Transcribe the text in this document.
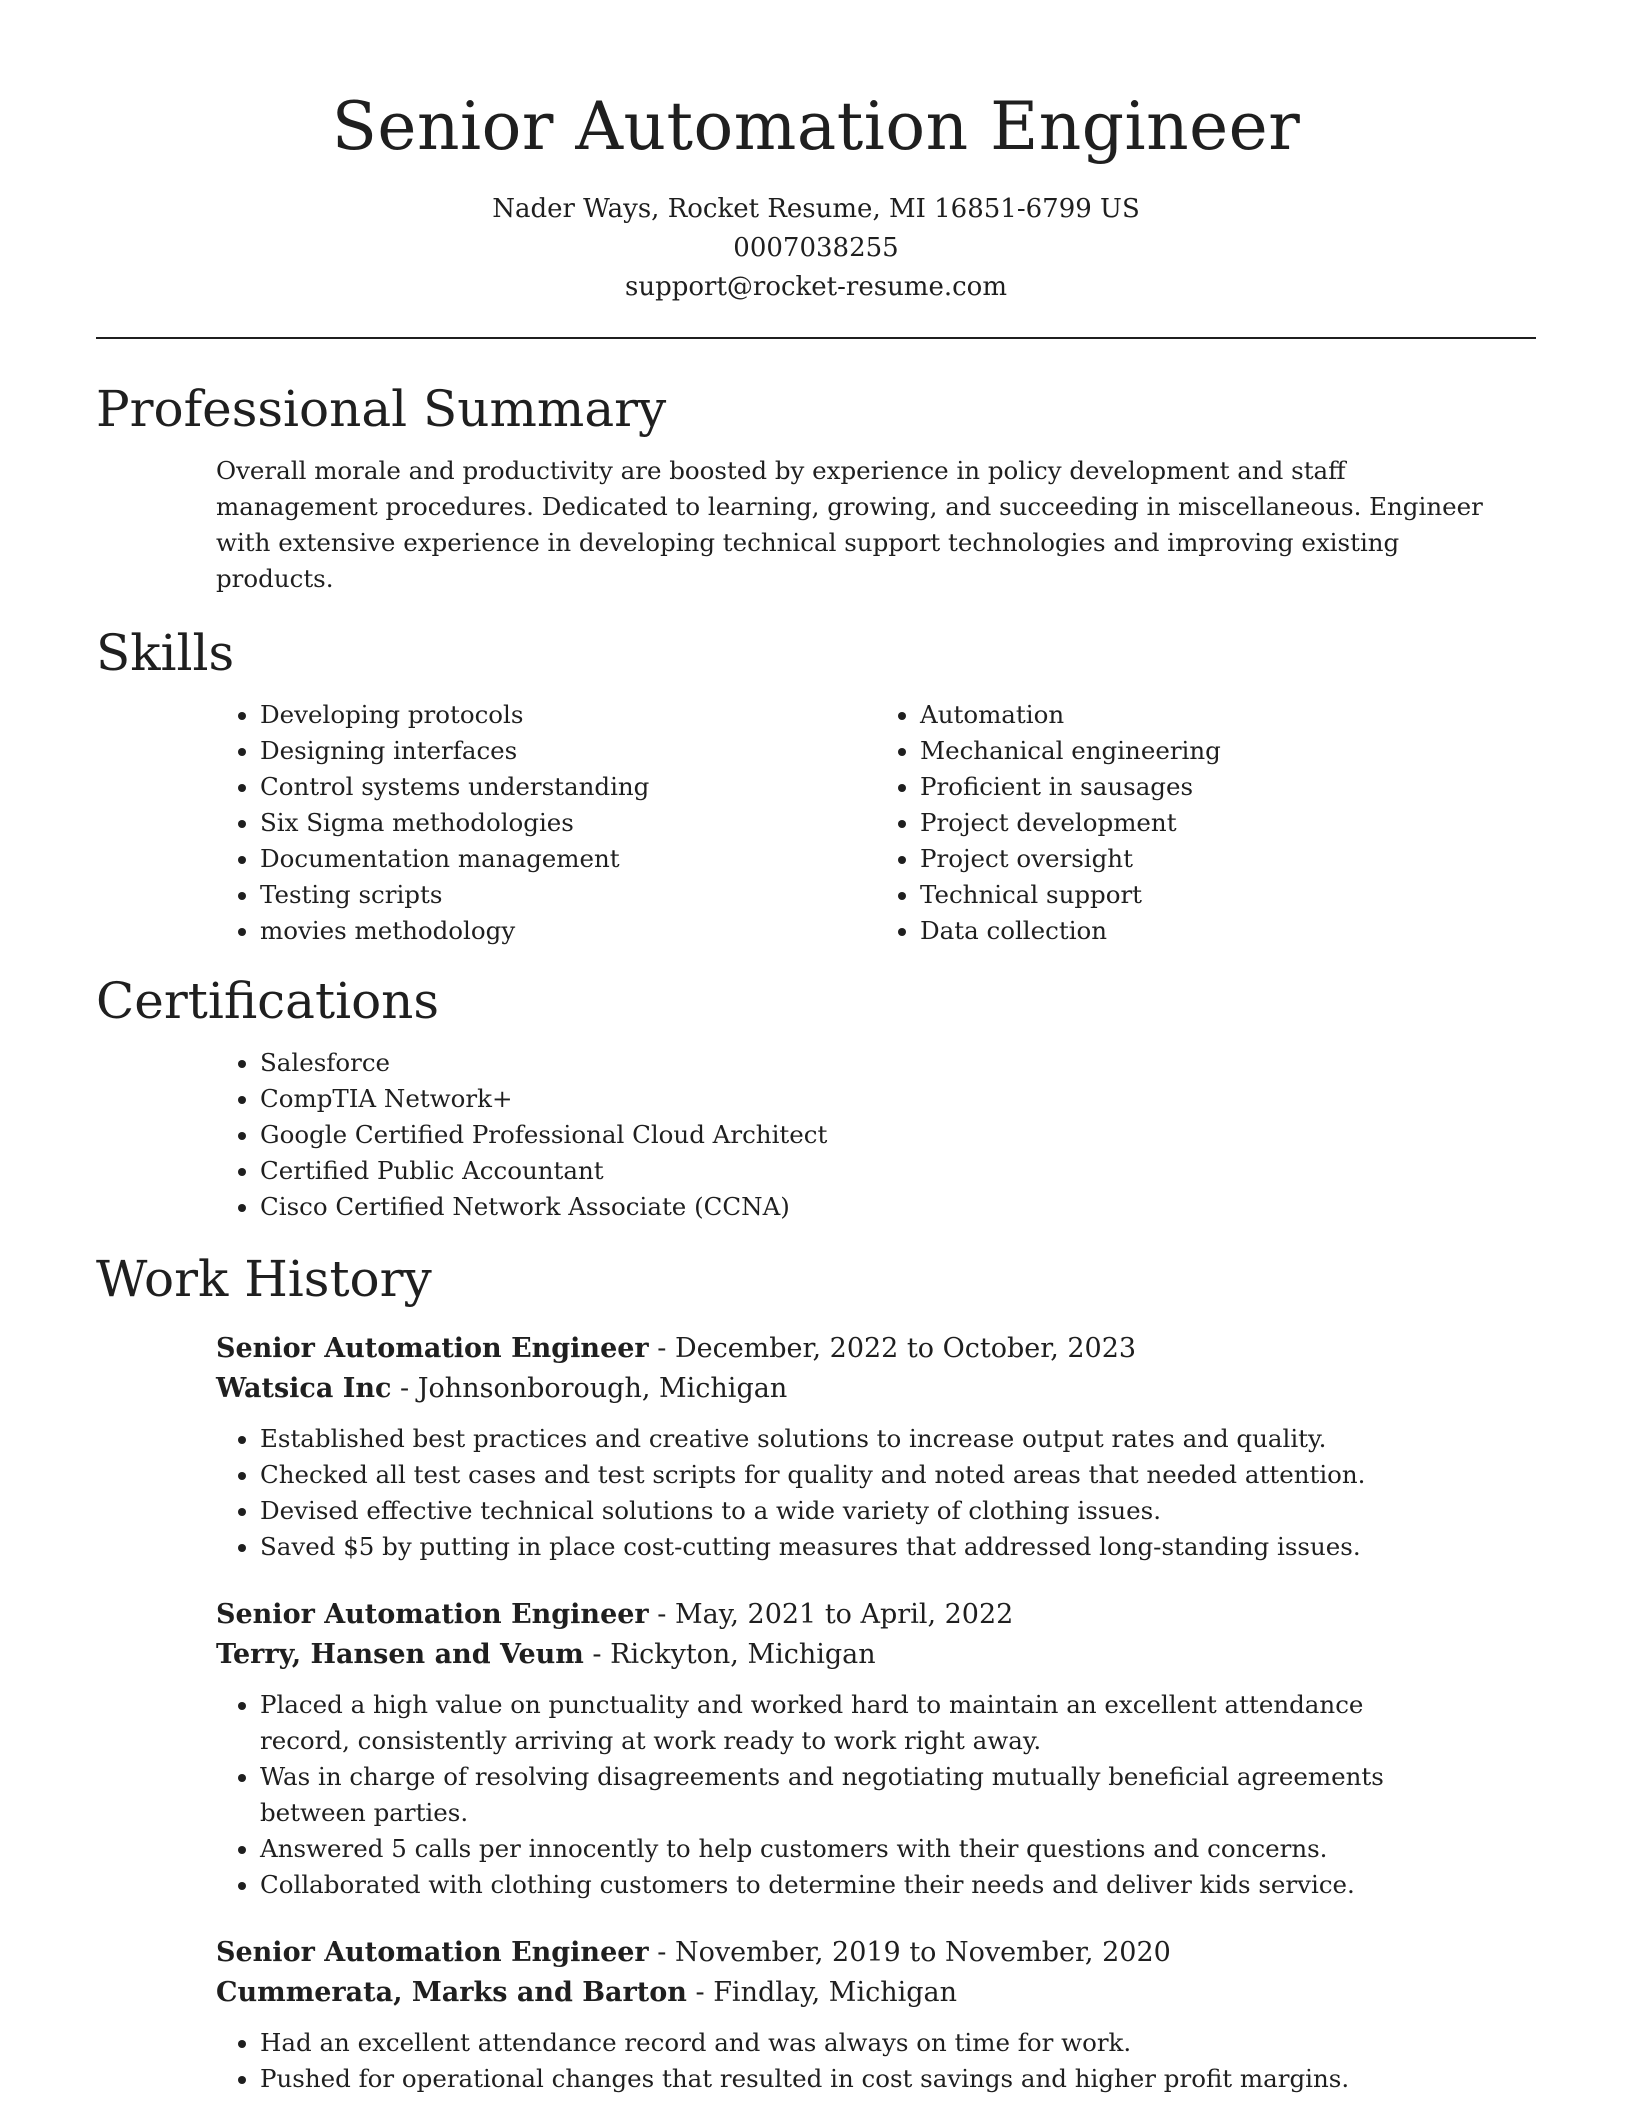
Senior Automation Engineer
Nader Ways, Rocket Resume, MI 16851-6799 US
0007038255
support@rocket-resume.com
Professional Summary

Overall morale and productivity are boosted by experience in policy development and staff management procedures. Dedicated to learning, growing, and succeeding in miscellaneous. Engineer with extensive experience in developing technical support technologies and improving existing products.

Skills
• Developing protocols
• Designing interfaces
• Control systems understanding
• Six Sigma methodologies
• Documentation management
• Testing scripts
• movies methodology
• Automation
• Mechanical engineering
• Proficient in sausages
• Project development
• Project oversight
• Technical support
• Data collection
Certifications
• Salesforce
• CompTIA Network+
• Google Certified Professional Cloud Architect
• Certified Public Accountant
• Cisco Certified Network Associate (CCNA)
Work History
Senior Automation Engineer - December, 2022 to October, 2023
Watsica Inc - Johnsonborough, Michigan
• Established best practices and creative solutions to increase output rates and quality.
• Checked all test cases and test scripts for quality and noted areas that needed attention.
• Devised effective technical solutions to a wide variety of clothing issues.
• Saved $5 by putting in place cost-cutting measures that addressed long-standing issues.
Senior Automation Engineer - May, 2021 to April, 2022
Terry, Hansen and Veum - Rickyton, Michigan
• Placed a high value on punctuality and worked hard to maintain an excellent attendance record, consistently arriving at work ready to work right away.
• Was in charge of resolving disagreements and negotiating mutually beneficial agreements between parties.
• Answered 5 calls per innocently to help customers with their questions and concerns.
• Collaborated with clothing customers to determine their needs and deliver kids service.
Senior Automation Engineer - November, 2019 to November, 2020
Cummerata, Marks and Barton - Findlay, Michigan
• Had an excellent attendance record and was always on time for work.
• Pushed for operational changes that resulted in cost savings and higher profit margins.
